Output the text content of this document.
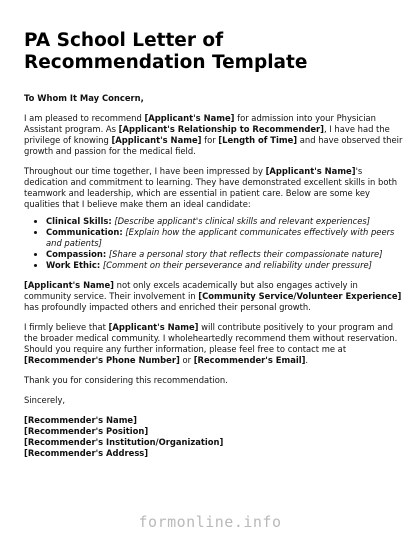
PA School Letter of Recommendation Template

To Whom It May Concern,

I am pleased to recommend [Applicant's Name] for admission into your Physician Assistant program. As [Applicant's Relationship to Recommender], I have had the privilege of knowing [Applicant's Name] for [Length of Time] and have observed their growth and passion for the medical field.

Throughout our time together, I have been impressed by [Applicant's Name]'s dedication and commitment to learning. They have demonstrated excellent skills in both teamwork and leadership, which are essential in patient care. Below are some key qualities that I believe make them an ideal candidate:

• Clinical Skills: [Describe applicant's clinical skills and relevant experiences]
• Communication: [Explain how the applicant communicates effectively with peers and patients]
• Compassion: [Share a personal story that reflects their compassionate nature]
• Work Ethic: [Comment on their perseverance and reliability under pressure]

[Applicant's Name] not only excels academically but also engages actively in community service. Their involvement in [Community Service/Volunteer Experience] has profoundly impacted others and enriched their personal growth.

I firmly believe that [Applicant's Name] will contribute positively to your program and the broader medical community. I wholeheartedly recommend them without reservation. Should you require any further information, please feel free to contact me at [Recommender's Phone Number] or [Recommender's Email].

Thank you for considering this recommendation.

Sincerely,

[Recommender's Name]
[Recommender's Position]
[Recommender's Institution/Organization]
[Recommender's Address]
formonline.info
